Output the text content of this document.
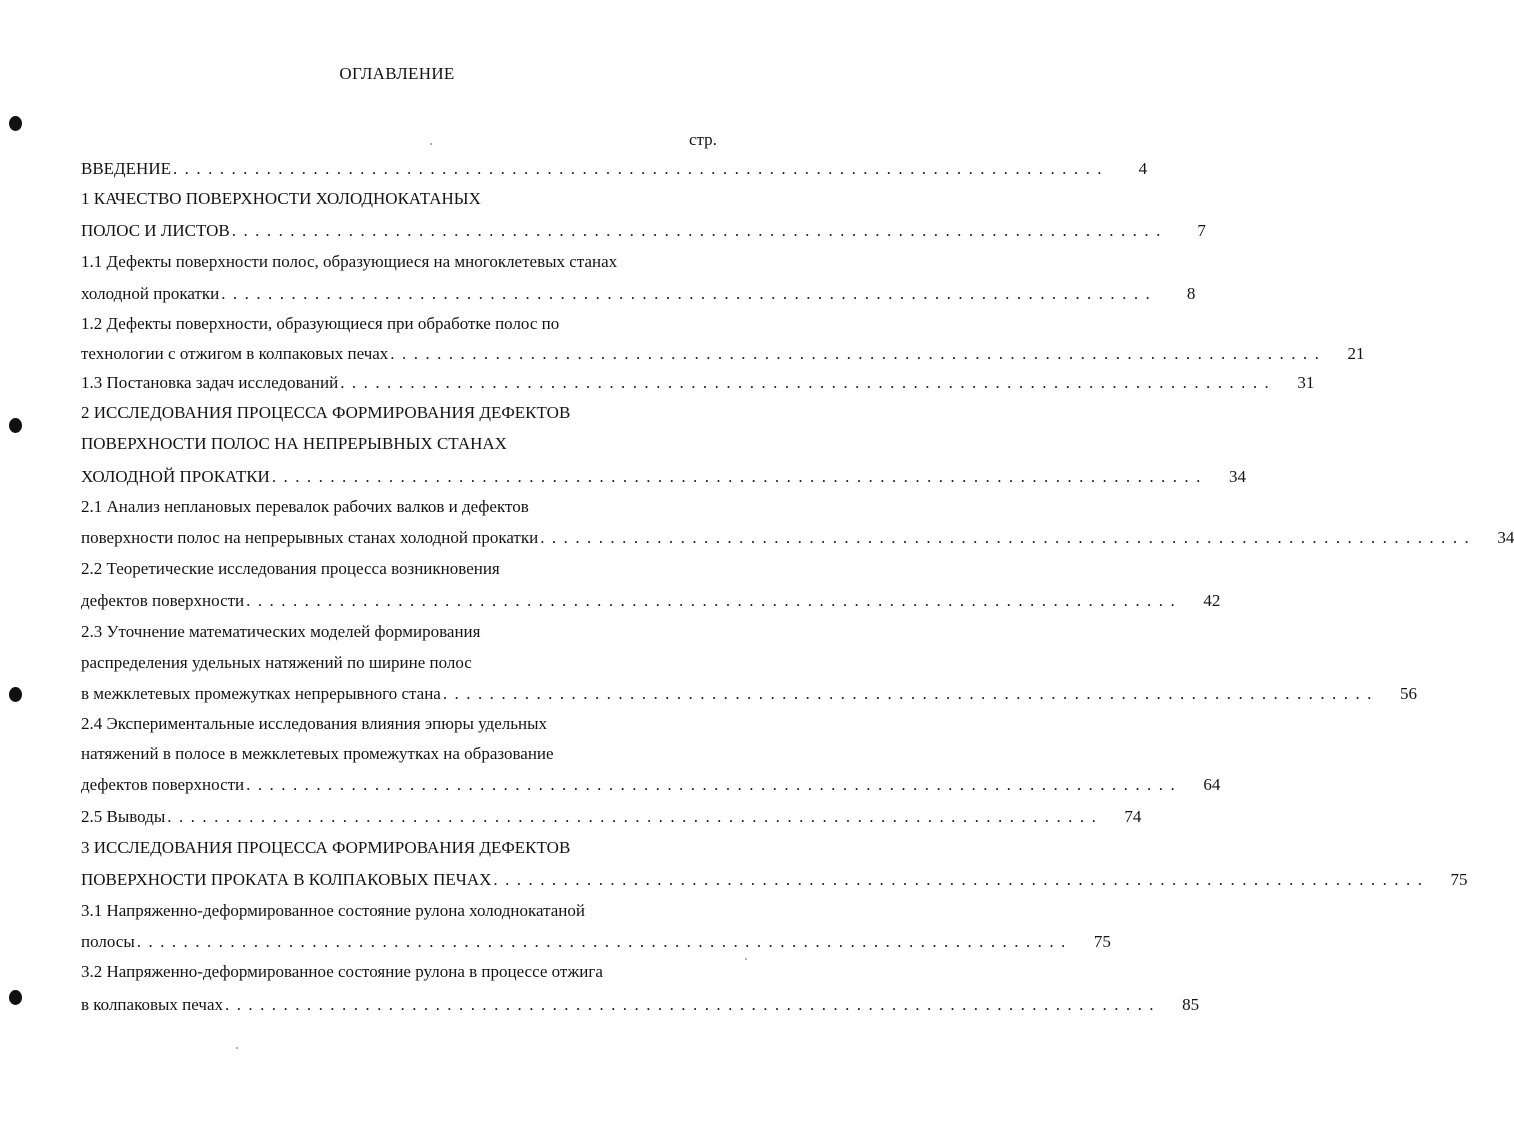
ОГЛАВЛЕНИЕ
стр.
ВВЕДЕНИЕ . . . . . . . . . . . . . . . . . . . . . . . . . . . . . . . . . . . . . . . . . . . . . . . . . . . . . . . . . . . . . . . . . . . . . . . . . . . . . . . .	4
1 КАЧЕСТВО ПОВЕРХНОСТИ ХОЛОДНОКАТАНЫХ
ПОЛОС И ЛИСТОВ . . . . . . . . . . . . . . . . . . . . . . . . . . . . . . . . . . . . . . . . . . . . . . . . . . . . . . . . . . . . . . . . . . . . . . . . . . . . . . . .	7
1.1 Дефекты поверхности полос, образующиеся на многоклетевых станах
холодной прокатки . . . . . . . . . . . . . . . . . . . . . . . . . . . . . . . . . . . . . . . . . . . . . . . . . . . . . . . . . . . . . . . . . . . . . . . . . . . . . . . .	8
1.2 Дефекты поверхности, образующиеся при обработке полос по
технологии с отжигом в колпаковых печах . . . . . . . . . . . . . . . . . . . . . . . . . . . . . . . . . . . . . . . . . . . . . . . . . . . . . . . . . . . . . . . . . . . . . . . . . . . . . . . .	21
1.3 Постановка задач исследований . . . . . . . . . . . . . . . . . . . . . . . . . . . . . . . . . . . . . . . . . . . . . . . . . . . . . . . . . . . . . . . . . . . . . . . . . . . . . . . .	31
2 ИССЛЕДОВАНИЯ ПРОЦЕССА ФОРМИРОВАНИЯ ДЕФЕКТОВ
ПОВЕРХНОСТИ ПОЛОС НА НЕПРЕРЫВНЫХ СТАНАХ
ХОЛОДНОЙ ПРОКАТКИ . . . . . . . . . . . . . . . . . . . . . . . . . . . . . . . . . . . . . . . . . . . . . . . . . . . . . . . . . . . . . . . . . . . . . . . . . . . . . . . .	34
2.1 Анализ неплановых перевалок рабочих валков и дефектов
поверхности полос на непрерывных станах холодной прокатки . . . . . . . . . . . . . . . . . . . . . . . . . . . . . . . . . . . . . . . . . . . . . . . . . . . . . . . . . . . . . . . . . . . . . . . . . . . . . . . .	34
2.2 Теоретические исследования процесса возникновения
дефектов поверхности . . . . . . . . . . . . . . . . . . . . . . . . . . . . . . . . . . . . . . . . . . . . . . . . . . . . . . . . . . . . . . . . . . . . . . . . . . . . . . . .	42
2.3 Уточнение математических моделей формирования
распределения удельных натяжений по ширине полос
в межклетевых промежутках непрерывного стана . . . . . . . . . . . . . . . . . . . . . . . . . . . . . . . . . . . . . . . . . . . . . . . . . . . . . . . . . . . . . . . . . . . . . . . . . . . . . . . .	56
2.4 Экспериментальные исследования влияния эпюры удельных
натяжений в полосе в межклетевых промежутках на образование
дефектов поверхности . . . . . . . . . . . . . . . . . . . . . . . . . . . . . . . . . . . . . . . . . . . . . . . . . . . . . . . . . . . . . . . . . . . . . . . . . . . . . . . .	64
2.5 Выводы . . . . . . . . . . . . . . . . . . . . . . . . . . . . . . . . . . . . . . . . . . . . . . . . . . . . . . . . . . . . . . . . . . . . . . . . . . . . . . . .	74
3 ИССЛЕДОВАНИЯ ПРОЦЕССА ФОРМИРОВАНИЯ ДЕФЕКТОВ
ПОВЕРХНОСТИ ПРОКАТА В КОЛПАКОВЫХ ПЕЧАХ . . . . . . . . . . . . . . . . . . . . . . . . . . . . . . . . . . . . . . . . . . . . . . . . . . . . . . . . . . . . . . . . . . . . . . . . . . . . . . . .	75
3.1 Напряженно-деформированное состояние рулона холоднокатаной
полосы . . . . . . . . . . . . . . . . . . . . . . . . . . . . . . . . . . . . . . . . . . . . . . . . . . . . . . . . . . . . . . . . . . . . . . . . . . . . . . . .	75
3.2 Напряженно-деформированное состояние рулона в процессе отжига
в колпаковых печах . . . . . . . . . . . . . . . . . . . . . . . . . . . . . . . . . . . . . . . . . . . . . . . . . . . . . . . . . . . . . . . . . . . . . . . . . . . . . . . .	85
